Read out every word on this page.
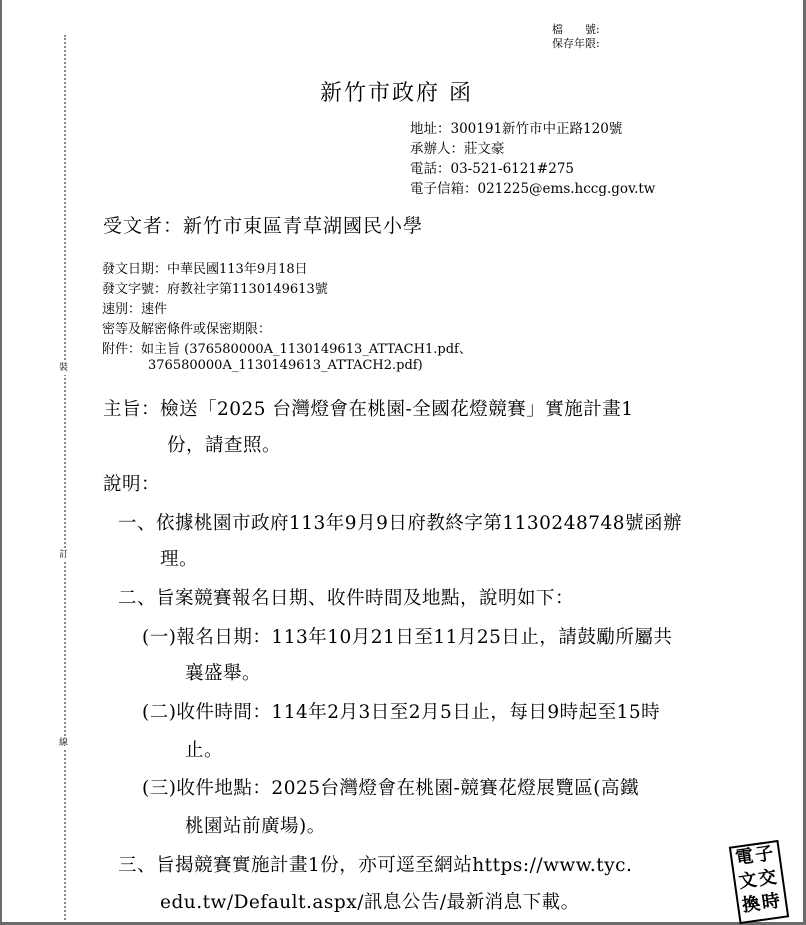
裝
訂
線
檔　　號:
保存年限:
新竹市政府 函
地址：300191新竹市中正路120號
承辦人：莊文豪
電話：03-521-6121#275
電子信箱：021225@ems.hccg.gov.tw
受文者：新竹市東區青草湖國民小學
發文日期：中華民國113年9月18日
發文字號：府教社字第1130149613號
速別：速件
密等及解密條件或保密期限：
附件：如主旨 (376580000A_1130149613_ATTACH1.pdf、
376580000A_1130149613_ATTACH2.pdf)
主旨：檢送「2025 台灣燈會在桃園-全國花燈競賽」實施計畫1
份，請查照。
說明：
一、依據桃園市政府113年9月9日府教終字第1130248748號函辦
理。
二、旨案競賽報名日期、收件時間及地點，說明如下：
(一)報名日期：113年10月21日至11月25日止，請鼓勵所屬共
襄盛舉。
(二)收件時間：114年2月3日至2月5日止，每日9時起至15時
止。
(三)收件地點：2025台灣燈會在桃園-競賽花燈展覽區(高鐵
桃園站前廣場)。
三、旨揭競賽實施計畫1份，亦可逕至網站https://www.tyc.
edu.tw/Default.aspx/訊息公告/最新消息下載。
電 子
文 交
換 時
